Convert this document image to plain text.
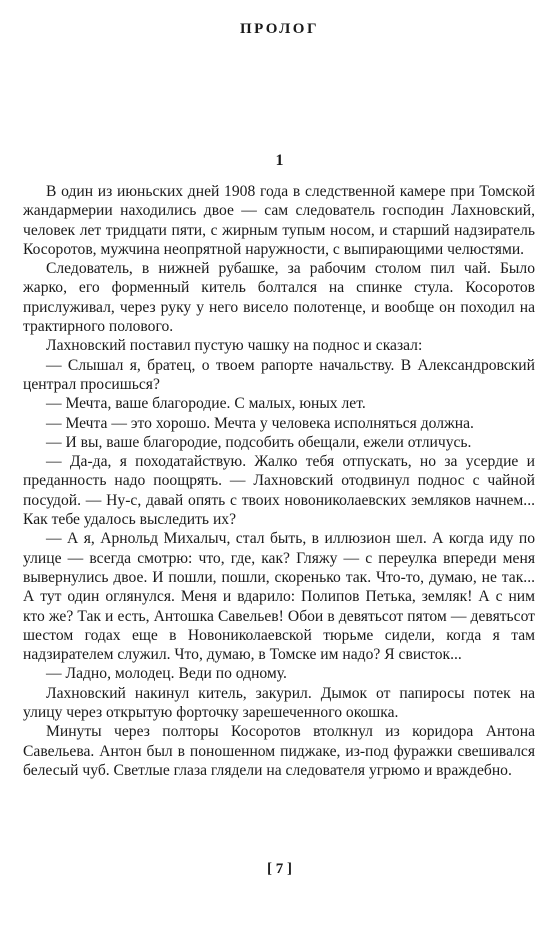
ПРОЛОГ
1

В один из июньских дней 1908 года в следственной камере при Томской жандармерии находились двое — сам следователь господин Лахновский, человек лет тридцати пяти, с жирным тупым носом, и старший надзиратель Косоротов, мужчина неопрятной наружности, с выпирающими челюстями.

Следователь, в нижней рубашке, за рабочим столом пил чай. Было жарко, его форменный китель болтался на спинке стула. Косоротов прислуживал, через руку у него висело полотенце, и вообще он походил на трактирного полового.

Лахновский поставил пустую чашку на поднос и сказал:

— Слышал я, братец, о твоем рапорте начальству. В Александровский централ просишься?

— Мечта, ваше благородие. С малых, юных лет.

— Мечта — это хорошо. Мечта у человека исполняться должна.

— И вы, ваше благородие, подсобить обещали, ежели отличусь.

— Да-да, я походатайствую. Жалко тебя отпускать, но за усердие и преданность надо поощрять. — Лахновский отодвинул поднос с чайной посудой. — Ну-с, давай опять с твоих новониколаевских земляков начнем... Как тебе удалось выследить их?

— А я, Арнольд Михалыч, стал быть, в иллюзион шел. А когда иду по улице — всегда смотрю: что, где, как? Гляжу — с переулка впереди меня вывернулись двое. И пошли, пошли, скоренько так. Что-то, думаю, не так... А тут один оглянулся. Меня и вдарило: Полипов Петька, земляк! А с ним кто же? Так и есть, Антошка Савельев! Обои в девятьсот пятом — девятьсот шестом годах еще в Новониколаевской тюрьме сидели, когда я там надзирателем служил. Что, думаю, в Томске им надо? Я свисток...

— Ладно, молодец. Веди по одному.

Лахновский накинул китель, закурил. Дымок от папиросы потек на улицу через открытую форточку зарешеченного окошка.

Минуты через полторы Косоротов втолкнул из коридора Антона Савельева. Антон был в поношенном пиджаке, из-под фуражки свешивался белесый чуб. Светлые глаза глядели на следователя угрюмо и враждебно.

[ 7 ]
